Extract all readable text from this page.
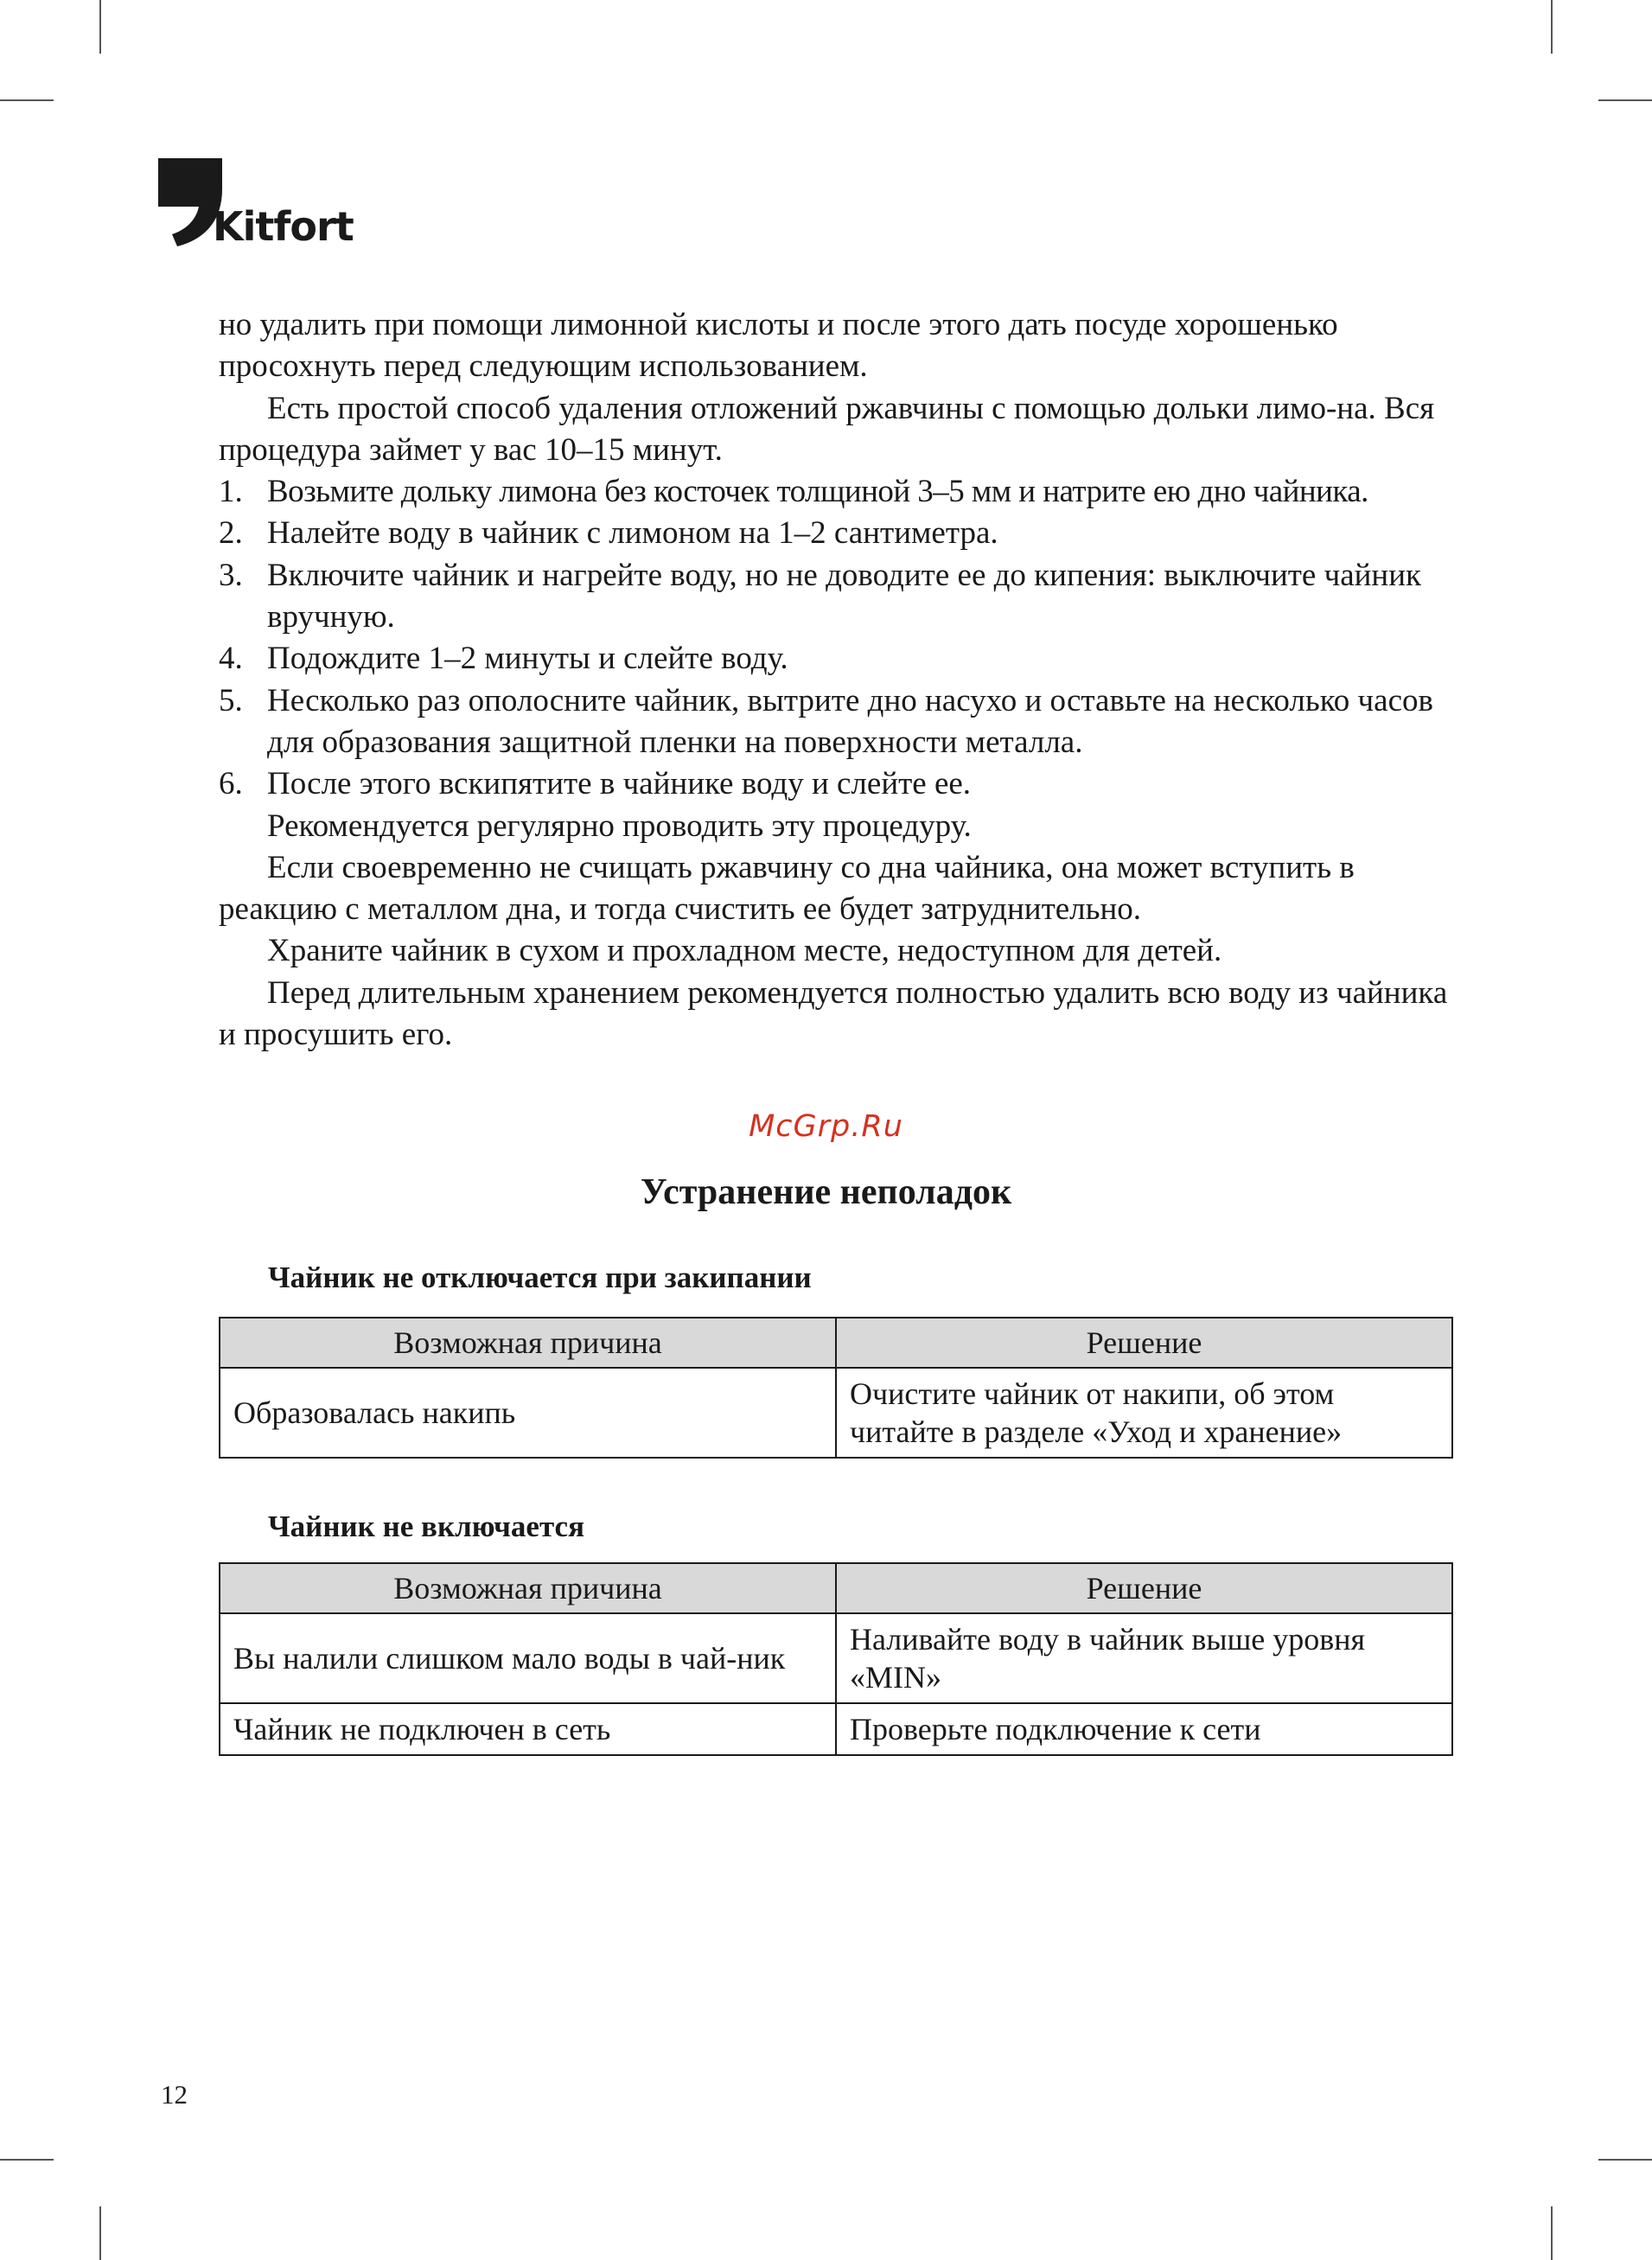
Kitfort

но удалить при помощи лимонной кислоты и после этого дать посуде хорошенько просохнуть перед следующим использованием.

Есть простой способ удаления отложений ржавчины с помощью дольки лимо-на. Вся процедура займет у вас 10–15 минут.

1. Возьмите дольку лимона без косточек толщиной 3–5 мм и натрите ею дно чайника.
2. Налейте воду в чайник с лимоном на 1–2 сантиметра.
3. Включите чайник и нагрейте воду, но не доводите ее до кипения: выключите чайник вручную.
4. Подождите 1–2 минуты и слейте воду.
5. Несколько раз ополосните чайник, вытрите дно насухо и оставьте на несколько часов для образования защитной пленки на поверхности металла.
6. После этого вскипятите в чайнике воду и слейте ее.

Рекомендуется регулярно проводить эту процедуру.

Если своевременно не счищать ржавчину со дна чайника, она может вступить в реакцию с металлом дна, и тогда счистить ее будет затруднительно.

Храните чайник в сухом и прохладном месте, недоступном для детей.

Перед длительным хранением рекомендуется полностью удалить всю воду из чайника и просушить его.

McGrp.Ru
Устранение неполадок
Чайник не отключается при закипании
Возможная причина	Решение
Образовалась накипь	Очистите чайник от накипи, об этом читайте в разделе «Уход и хранение»
Чайник не включается
Возможная причина	Решение
Вы налили слишком мало воды в чай-ник	Наливайте воду в чайник выше уровня «MIN»
Чайник не подключен в сеть	Проверьте подключение к сети
12
